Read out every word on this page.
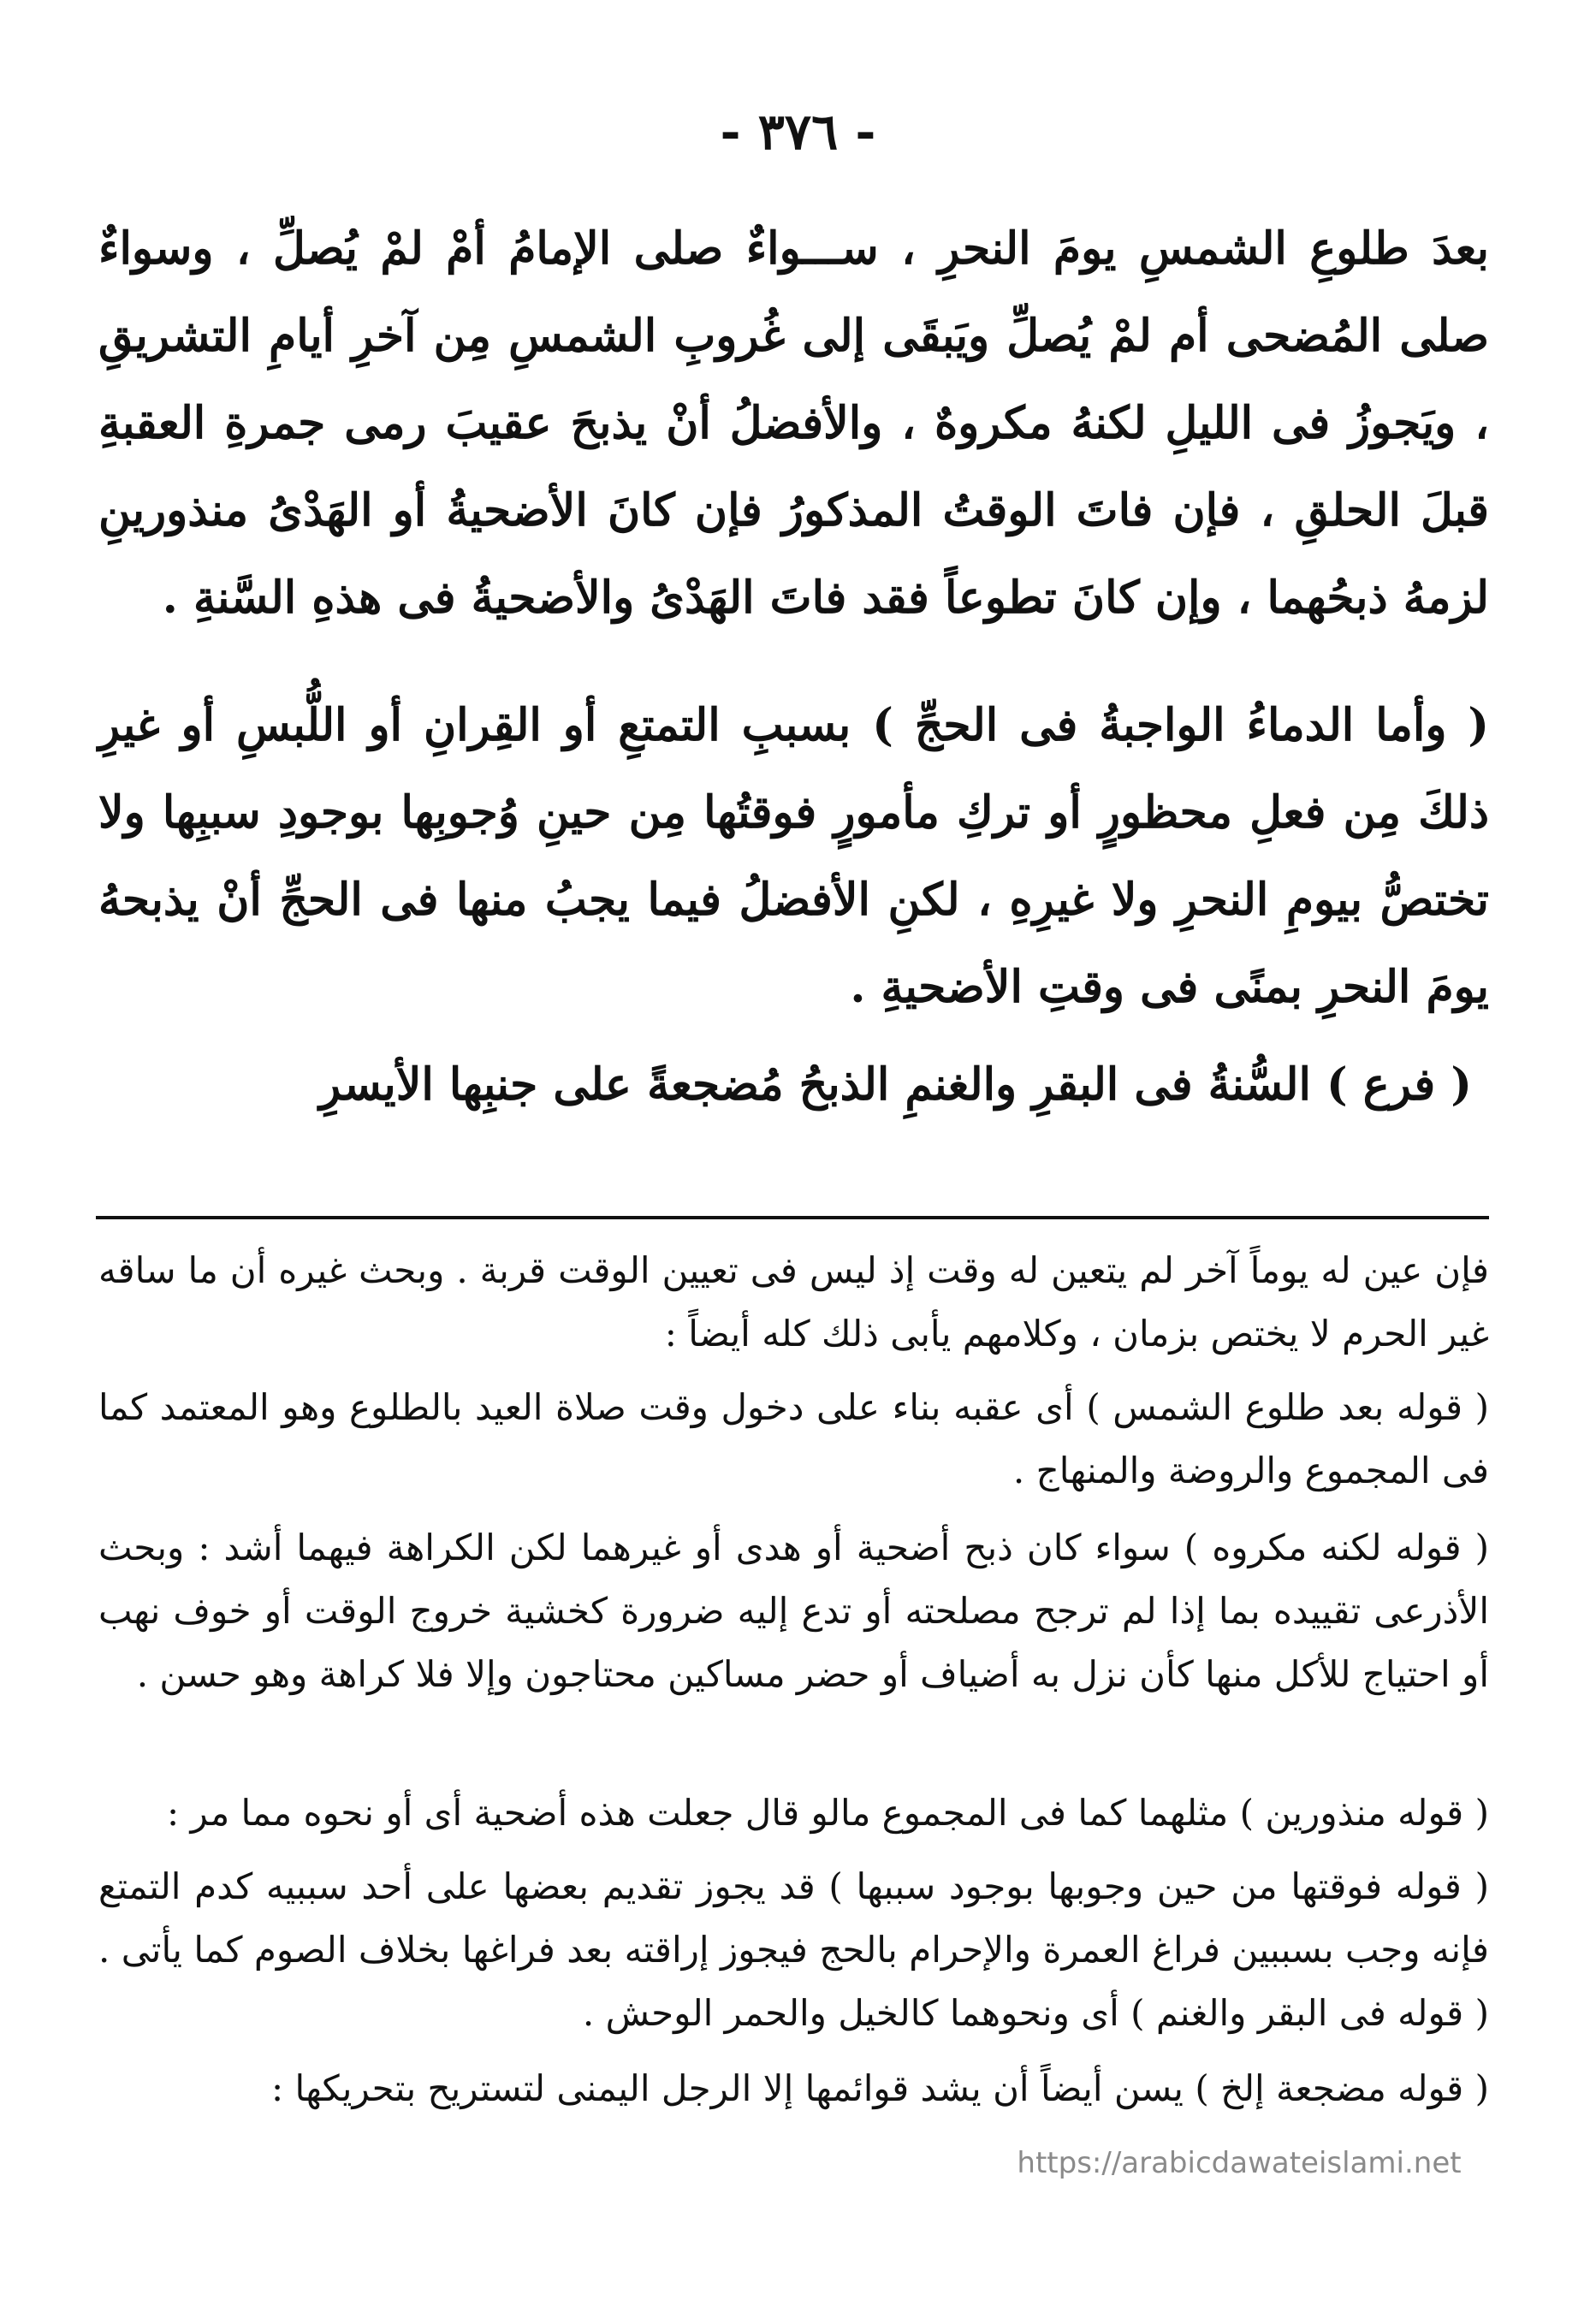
- ٣٧٦ -

بعدَ طلوعِ الشمسِ يومَ النحرِ ، ســـواءٌ صلى الإمامُ أمْ لمْ يُصلِّ ، وسواءٌ صلى المُضحى أم لمْ يُصلِّ ويَبقَى إلى غُروبِ الشمسِ مِن آخرِ أيامِ التشريقِ ، ويَجوزُ فى الليلِ لكنهُ مكروهٌ ، والأفضلُ أنْ يذبحَ عقيبَ رمى جمرةِ العقبةِ قبلَ الحلقِ ، فإن فاتَ الوقتُ المذكورُ فإن كانَ الأضحيةُ أو الهَدْىُ منذورينِ لزمهُ ذبحُهما ، وإن كانَ تطوعاً فقد فاتَ الهَدْىُ والأضحيةُ فى هذهِ السَّنةِ .

( وأما الدماءُ الواجبةُ فى الحجِّ ) بسببِ التمتعِ أو القِرانِ أو اللُّبسِ أو غيرِ ذلكَ مِن فعلِ محظورٍ أو تركِ مأمورٍ فوقتُها مِن حينِ وُجوبِها بوجودِ سببِها ولا تختصُّ بيومِ النحرِ ولا غيرِهِ ، لكنِ الأفضلُ فيما يجبُ منها فى الحجِّ أنْ يذبحهُ يومَ النحرِ بمنًى فى وقتِ الأضحيةِ .

( فرع ) السُّنةُ فى البقرِ والغنمِ الذبحُ مُضجعةً على جنبِها الأيسرِ

فإن عين له يوماً آخر لم يتعين له وقت إذ ليس فى تعيين الوقت قربة . وبحث غيره أن ما ساقه غير الحرم لا يختص بزمان ، وكلامهم يأبى ذلك كله أيضاً :

( قوله بعد طلوع الشمس ) أى عقبه بناء على دخول وقت صلاة العيد بالطلوع وهو المعتمد كما فى المجموع والروضة والمنهاج .

( قوله لكنه مكروه ) سواء كان ذبح أضحية أو هدى أو غيرهما لكن الكراهة فيهما أشد : وبحث الأذرعى تقييده بما إذا لم ترجح مصلحته أو تدع إليه ضرورة كخشية خروج الوقت أو خوف نهب أو احتياج للأكل منها كأن نزل به أضياف أو حضر مساكين محتاجون وإلا فلا كراهة وهو حسن .

( قوله منذورين ) مثلهما كما فى المجموع مالو قال جعلت هذه أضحية أى أو نحوه مما مر :

( قوله فوقتها من حين وجوبها بوجود سببها ) قد يجوز تقديم بعضها على أحد سببيه كدم التمتع فإنه وجب بسببين فراغ العمرة والإحرام بالحج فيجوز إراقته بعد فراغها بخلاف الصوم كما يأتى . ( قوله فى البقر والغنم ) أى ونحوهما كالخيل والحمر الوحش .

( قوله مضجعة إلخ ) يسن أيضاً أن يشد قوائمها إلا الرجل اليمنى لتستريح بتحريكها :

https://arabicdawateislami.net
